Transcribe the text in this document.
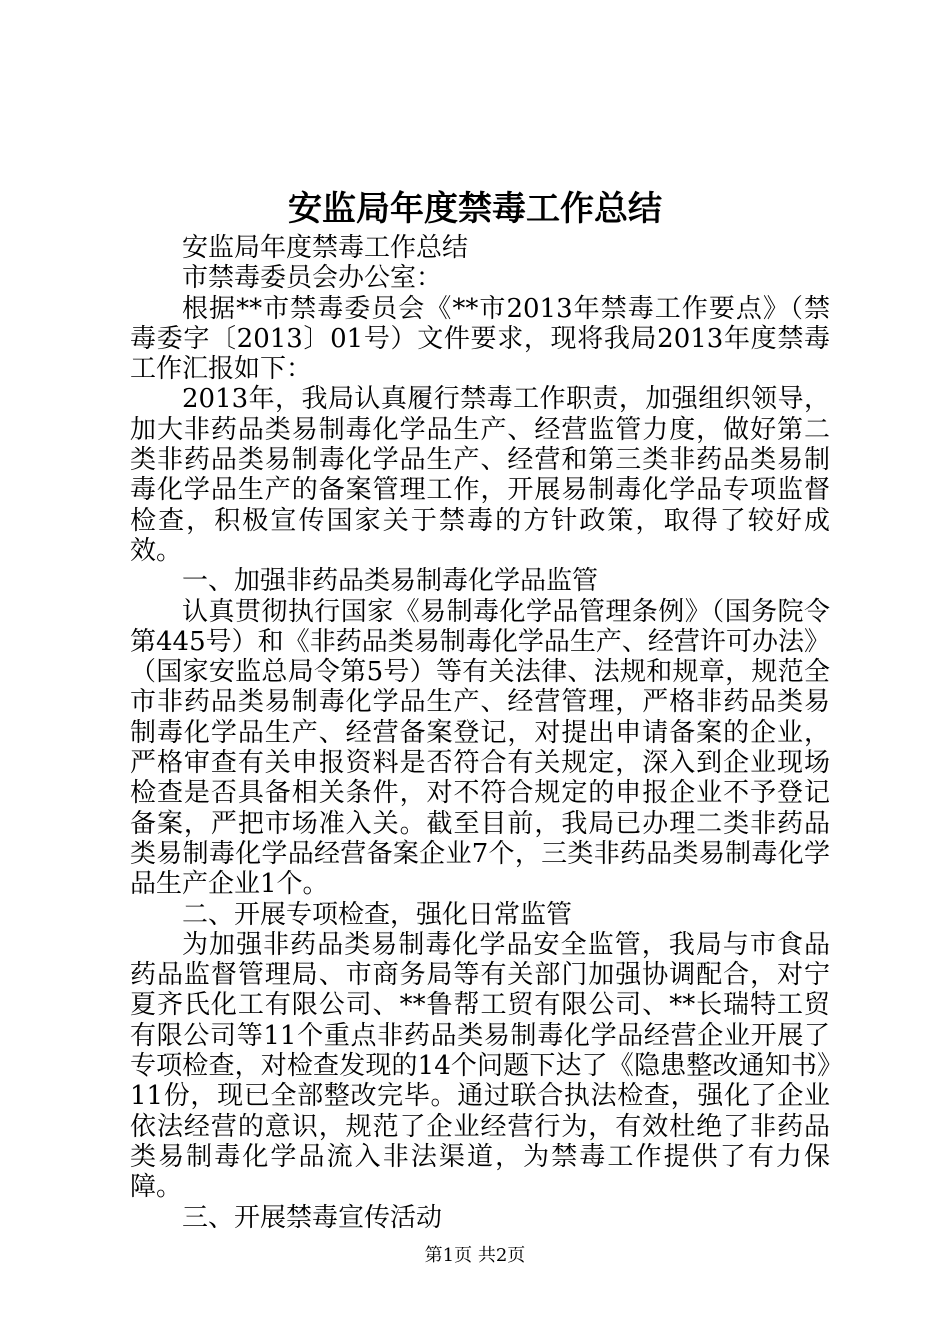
安监局年度禁毒工作总结

安监局年度禁毒工作总结

市禁毒委员会办公室：

根据**市禁毒委员会《**市2013年禁毒工作要点》（禁毒委字〔2013〕01号）文件要求，现将我局2013年度禁毒工作汇报如下：

2013年，我局认真履行禁毒工作职责，加强组织领导，加大非药品类易制毒化学品生产、经营监管力度，做好第二类非药品类易制毒化学品生产、经营和第三类非药品类易制毒化学品生产的备案管理工作，开展易制毒化学品专项监督检查，积极宣传国家关于禁毒的方针政策，取得了较好成效。

一、加强非药品类易制毒化学品监管

认真贯彻执行国家《易制毒化学品管理条例》（国务院令第445号）和《非药品类易制毒化学品生产、经营许可办法》（国家安监总局令第5号）等有关法律、法规和规章，规范全市非药品类易制毒化学品生产、经营管理，严格非药品类易制毒化学品生产、经营备案登记，对提出申请备案的企业，严格审查有关申报资料是否符合有关规定，深入到企业现场检查是否具备相关条件，对不符合规定的申报企业不予登记备案，严把市场准入关。截至目前，我局已办理二类非药品类易制毒化学品经营备案企业7个，三类非药品类易制毒化学品生产企业1个。

二、开展专项检查，强化日常监管

为加强非药品类易制毒化学品安全监管，我局与市食品药品监督管理局、市商务局等有关部门加强协调配合，对宁夏齐氏化工有限公司、**鲁帮工贸有限公司、**长瑞特工贸有限公司等11个重点非药品类易制毒化学品经营企业开展了专项检查，对检查发现的14个问题下达了《隐患整改通知书》11份，现已全部整改完毕。通过联合执法检查，强化了企业依法经营的意识，规范了企业经营行为，有效杜绝了非药品类易制毒化学品流入非法渠道，为禁毒工作提供了有力保障。

三、开展禁毒宣传活动

第1页 共2页
